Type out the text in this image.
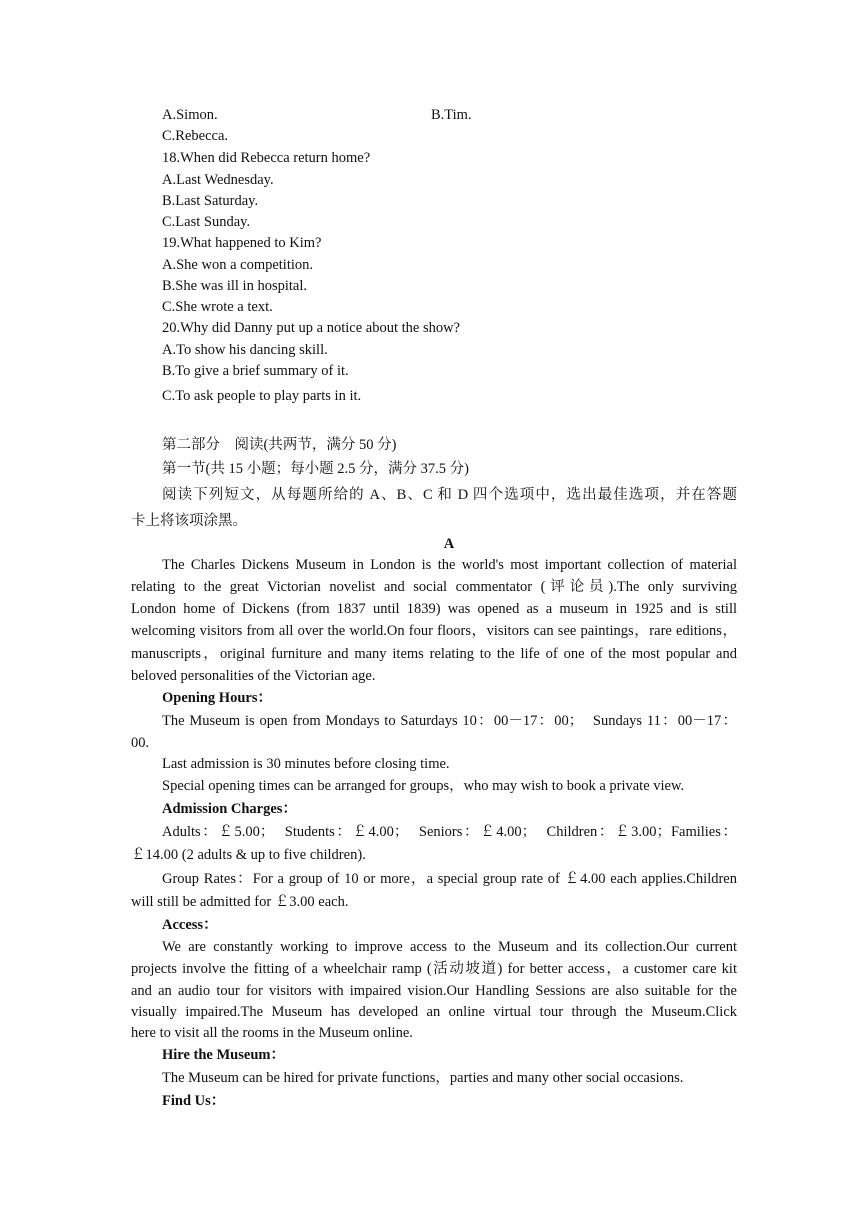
A.Simon.	B.Tim.
C.Rebecca.
18.When did Rebecca return home?
A.Last Wednesday.
B.Last Saturday.
C.Last Sunday.
19.What happened to Kim?
A.She won a competition.
B.She was ill in hospital.
C.She wrote a text.
20.Why did Danny put up a notice about the show?
A.To show his dancing skill.
B.To give a brief summary of it.
C.To ask people to play parts in it.
第二部分　阅读(共两节，满分 50 分)
第一节(共 15 小题；每小题 2.5 分，满分 37.5 分)
阅读下列短文，从每题所给的 A、B、C 和 D 四个选项中，选出最佳选项，并在答题
卡上将该项涂黑。
A
The Charles Dickens Museum in London is the world's most important collection of material
relating to the great Victorian novelist and social commentator (评论员).The only surviving
London home of Dickens (from 1837 until 1839) was opened as a museum in 1925 and is still
welcoming visitors from all over the world.On four floors，visitors can see paintings，rare editions，
manuscripts，original furniture and many items relating to the life of one of the most popular and
beloved personalities of the Victorian age.
Opening Hours：
The Museum is open from Mondays to Saturdays 10：00－17：00；　Sundays 11：00－17：
00.
Last admission is 30 minutes before closing time.
Special opening times can be arranged for groups，who may wish to book a private view.
Admission Charges：
Adults：￡5.00；　Students：￡4.00；　Seniors：￡4.00；　Children：￡3.00；Families：
￡14.00 (2 adults & up to five children).
Group Rates：For a group of 10 or more，a special group rate of ￡4.00 each applies.Children
will still be admitted for ￡3.00 each.
Access：
We are constantly working to improve access to the Museum and its collection.Our current
projects involve the fitting of a wheelchair ramp (活动坡道) for better access，a customer care kit
and an audio tour for visitors with impaired vision.Our Handling Sessions are also suitable for the
visually impaired.The Museum has developed an online virtual tour through the Museum.Click
here to visit all the rooms in the Museum online.
Hire the Museum：
The Museum can be hired for private functions，parties and many other social occasions.
Find Us：
